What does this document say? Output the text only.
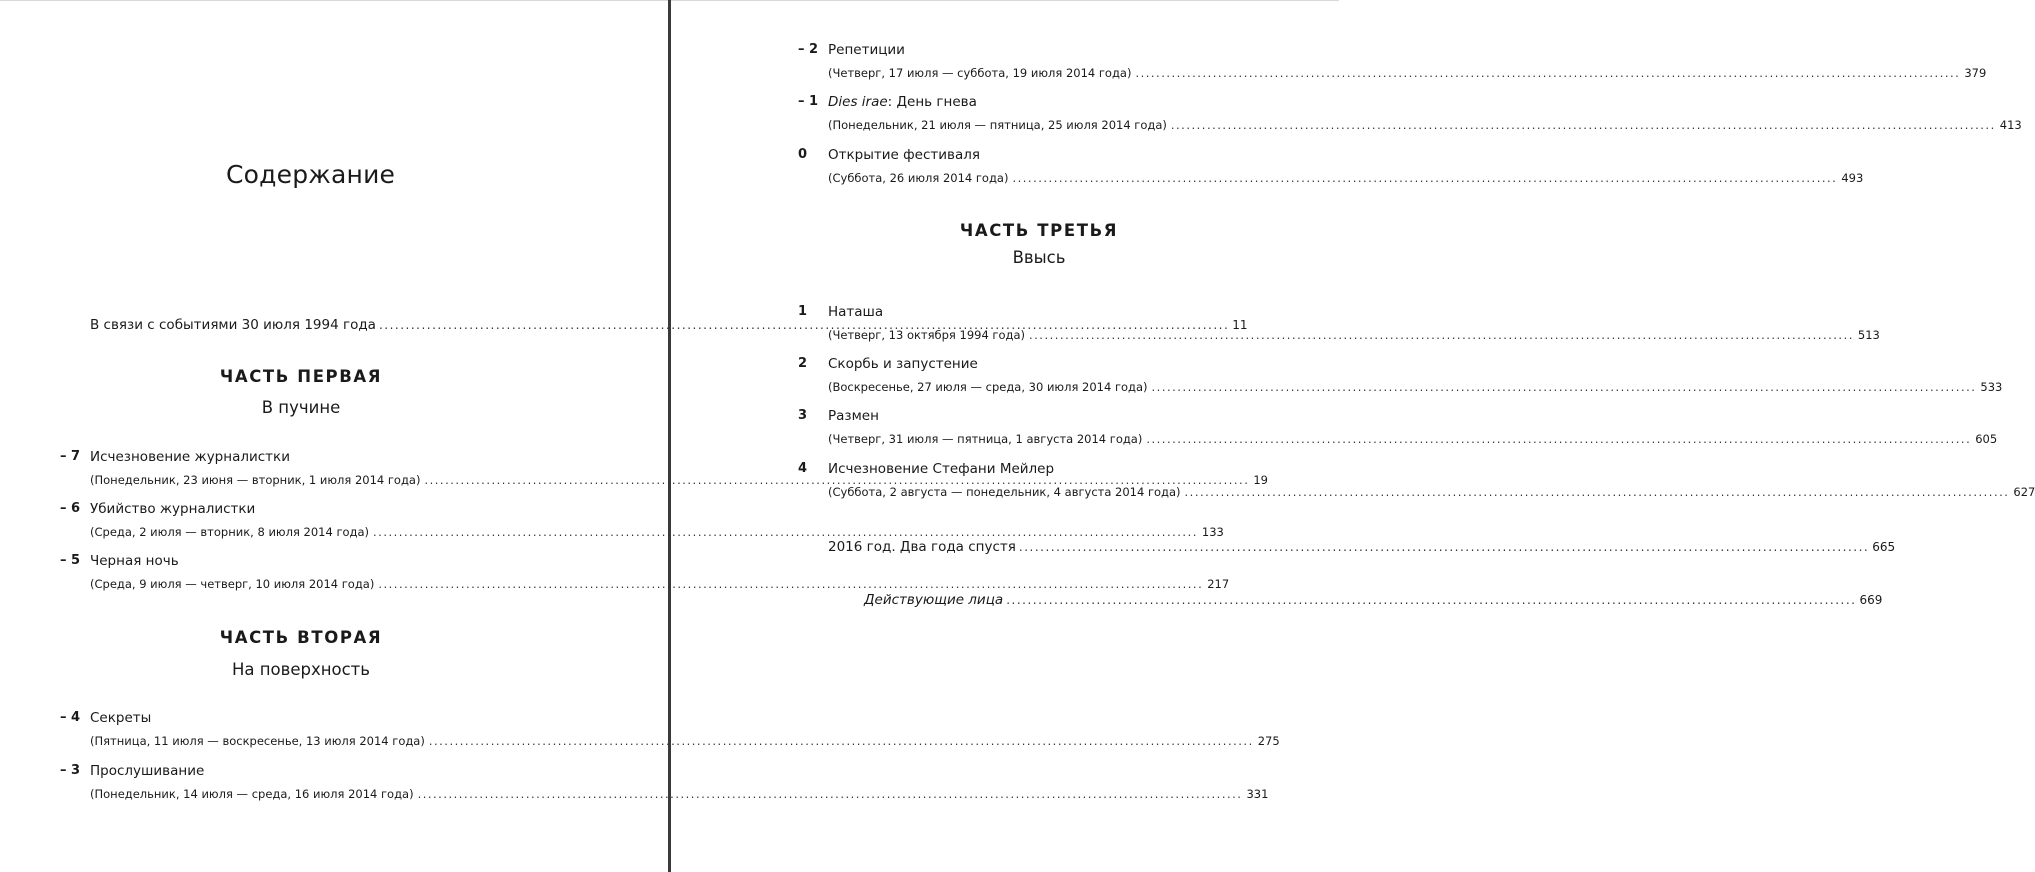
Содержание
В связи с событиями 30 июля 1994 года ................................................................................................................................................................ 11
ЧАСТЬ ПЕРВАЯ
В пучине
– 7 Исчезновение журналистки
(Понедельник, 23 июня — вторник, 1 июля 2014 года) ................................................................................................................................................................ 19
– 6 Убийство журналистки
(Среда, 2 июля — вторник, 8 июля 2014 года) ................................................................................................................................................................ 133
– 5 Черная ночь
(Среда, 9 июля — четверг, 10 июля 2014 года) ................................................................................................................................................................ 217
ЧАСТЬ ВТОРАЯ
На поверхность
– 4 Секреты
(Пятница, 11 июля — воскресенье, 13 июля 2014 года) ................................................................................................................................................................ 275
– 3 Прослушивание
(Понедельник, 14 июля — среда, 16 июля 2014 года) ................................................................................................................................................................ 331
– 2 Репетиции
(Четверг, 17 июля — суббота, 19 июля 2014 года) ................................................................................................................................................................ 379
– 1 Dies irae: День гнева
(Понедельник, 21 июля — пятница, 25 июля 2014 года) ................................................................................................................................................................ 413
0 Открытие фестиваля
(Суббота, 26 июля 2014 года) ................................................................................................................................................................ 493
ЧАСТЬ ТРЕТЬЯ
Ввысь
1 Наташа
(Четверг, 13 октября 1994 года) ................................................................................................................................................................ 513
2 Скорбь и запустение
(Воскресенье, 27 июля — среда, 30 июля 2014 года) ................................................................................................................................................................ 533
3 Размен
(Четверг, 31 июля — пятница, 1 августа 2014 года) ................................................................................................................................................................ 605
4 Исчезновение Стефани Мейлер
(Суббота, 2 августа — понедельник, 4 августа 2014 года) ................................................................................................................................................................ 627
2016 год. Два года спустя ................................................................................................................................................................ 665
Действующие лица ................................................................................................................................................................ 669
